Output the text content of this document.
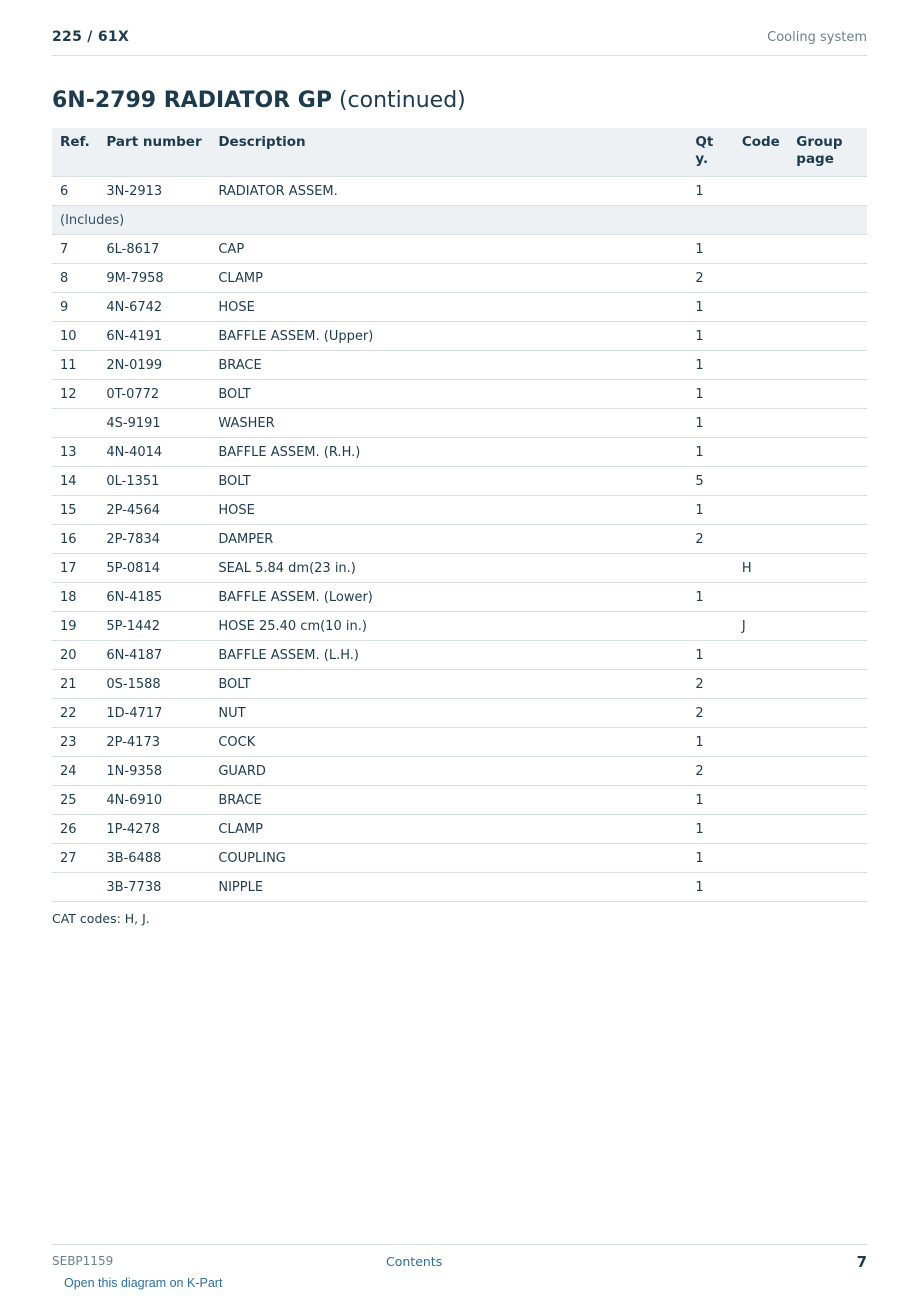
225 / 61X	Cooling system
6N-2799 RADIATOR GP (continued)
Ref.	Part number	Description	Qty.	Code	Group page
6	3N-2913	RADIATOR ASSEM.	1		
(Includes)					
7	6L-8617	CAP	1		
8	9M-7958	CLAMP	2		
9	4N-6742	HOSE	1		
10	6N-4191	BAFFLE ASSEM. (Upper)	1		
11	2N-0199	BRACE	1		
12	0T-0772	BOLT	1		
	4S-9191	WASHER	1		
13	4N-4014	BAFFLE ASSEM. (R.H.)	1		
14	0L-1351	BOLT	5		
15	2P-4564	HOSE	1		
16	2P-7834	DAMPER	2		
17	5P-0814	SEAL 5.84 dm(23 in.)		H	
18	6N-4185	BAFFLE ASSEM. (Lower)	1		
19	5P-1442	HOSE 25.40 cm(10 in.)		J	
20	6N-4187	BAFFLE ASSEM. (L.H.)	1		
21	0S-1588	BOLT	2		
22	1D-4717	NUT	2		
23	2P-4173	COCK	1		
24	1N-9358	GUARD	2		
25	4N-6910	BRACE	1		
26	1P-4278	CLAMP	1		
27	3B-6488	COUPLING	1		
	3B-7738	NIPPLE	1		
CAT codes: H, J.
SEBP1159	Contents	7
Open this diagram on K-Part
